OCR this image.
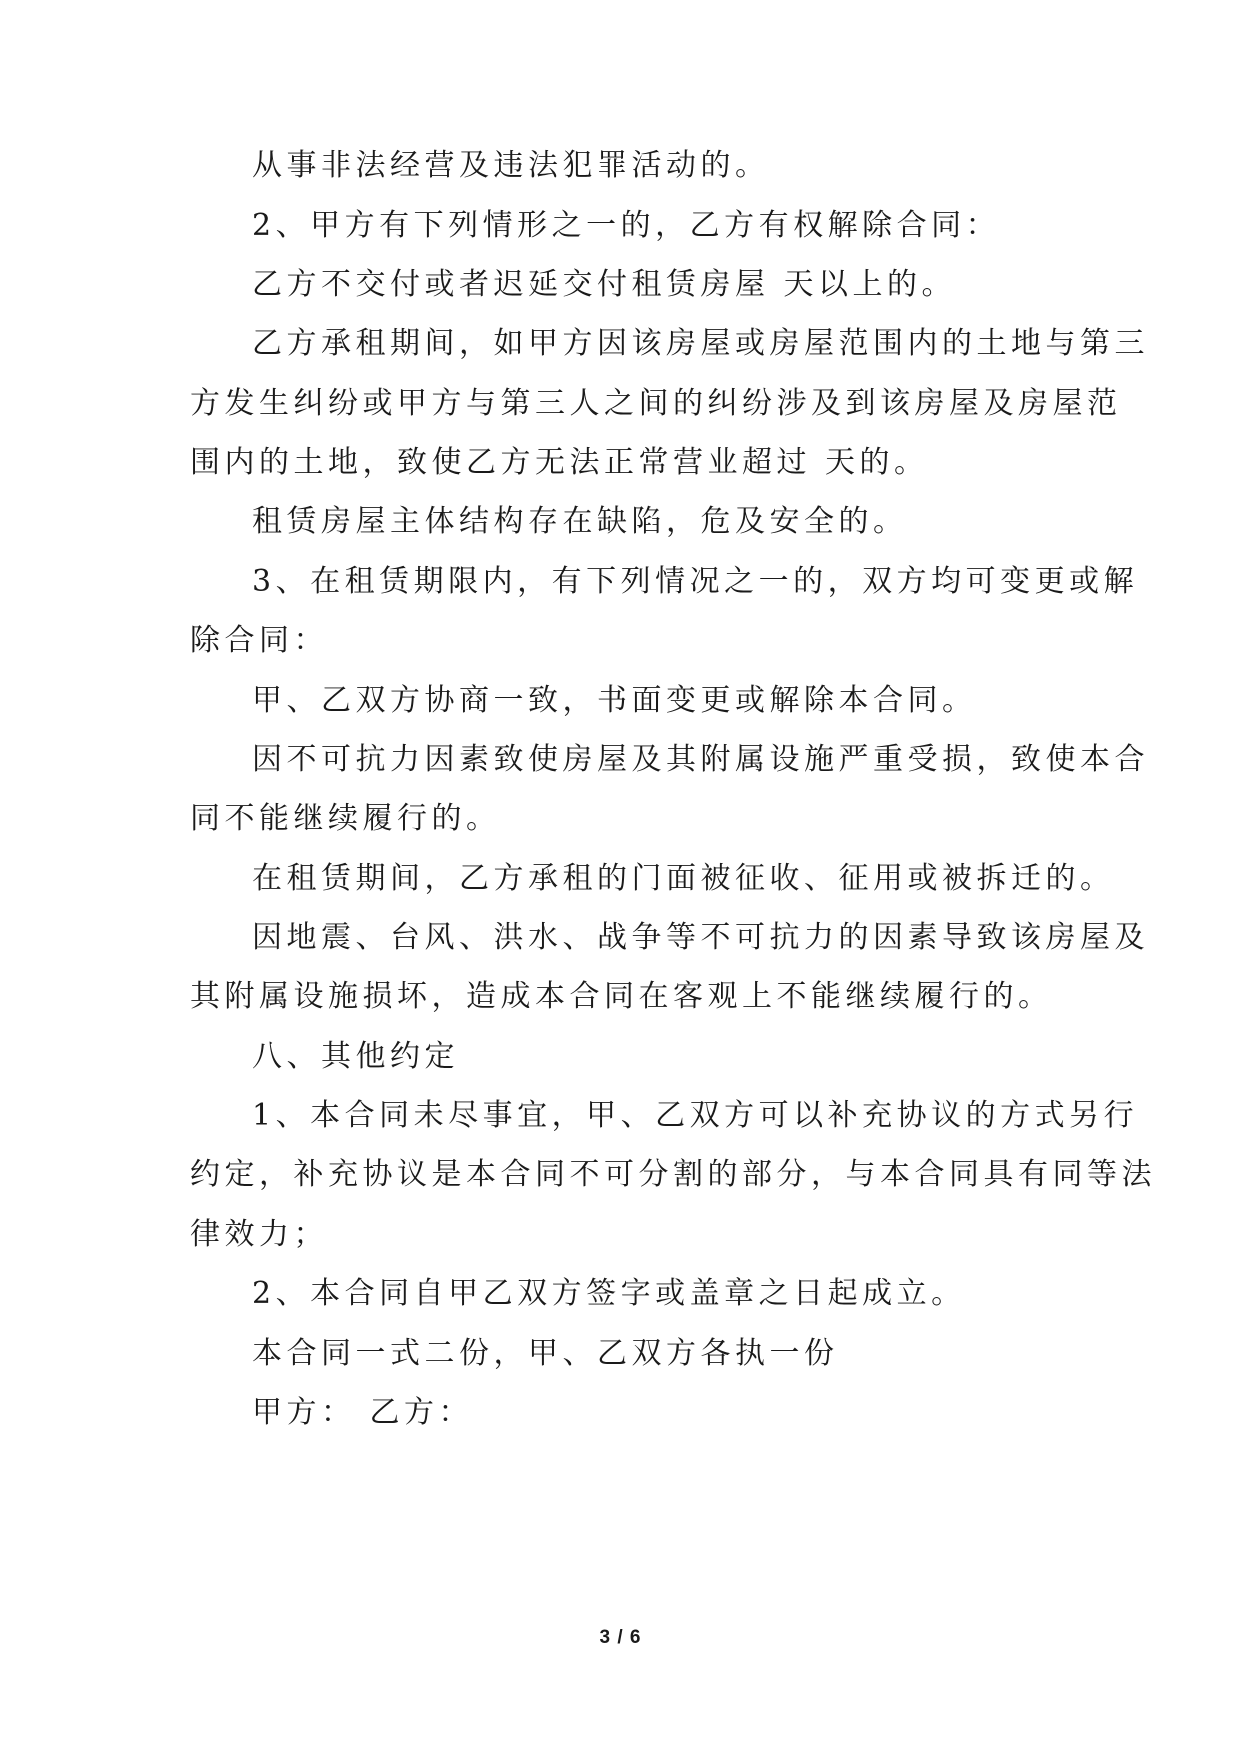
从事非法经营及违法犯罪活动的。
2、甲方有下列情形之一的，乙方有权解除合同：
乙方不交付或者迟延交付租赁房屋 天以上的。
乙方承租期间，如甲方因该房屋或房屋范围内的土地与第三
方发生纠纷或甲方与第三人之间的纠纷涉及到该房屋及房屋范
围内的土地，致使乙方无法正常营业超过 天的。
租赁房屋主体结构存在缺陷，危及安全的。
3、在租赁期限内，有下列情况之一的，双方均可变更或解
除合同：
甲、乙双方协商一致，书面变更或解除本合同。
因不可抗力因素致使房屋及其附属设施严重受损，致使本合
同不能继续履行的。
在租赁期间，乙方承租的门面被征收、征用或被拆迁的。
因地震、台风、洪水、战争等不可抗力的因素导致该房屋及
其附属设施损坏，造成本合同在客观上不能继续履行的。
八、其他约定
1、本合同未尽事宜，甲、乙双方可以补充协议的方式另行
约定，补充协议是本合同不可分割的部分，与本合同具有同等法
律效力；
2、本合同自甲乙双方签字或盖章之日起成立。
本合同一式二份，甲、乙双方各执一份
甲方： 乙方：
3 / 6
